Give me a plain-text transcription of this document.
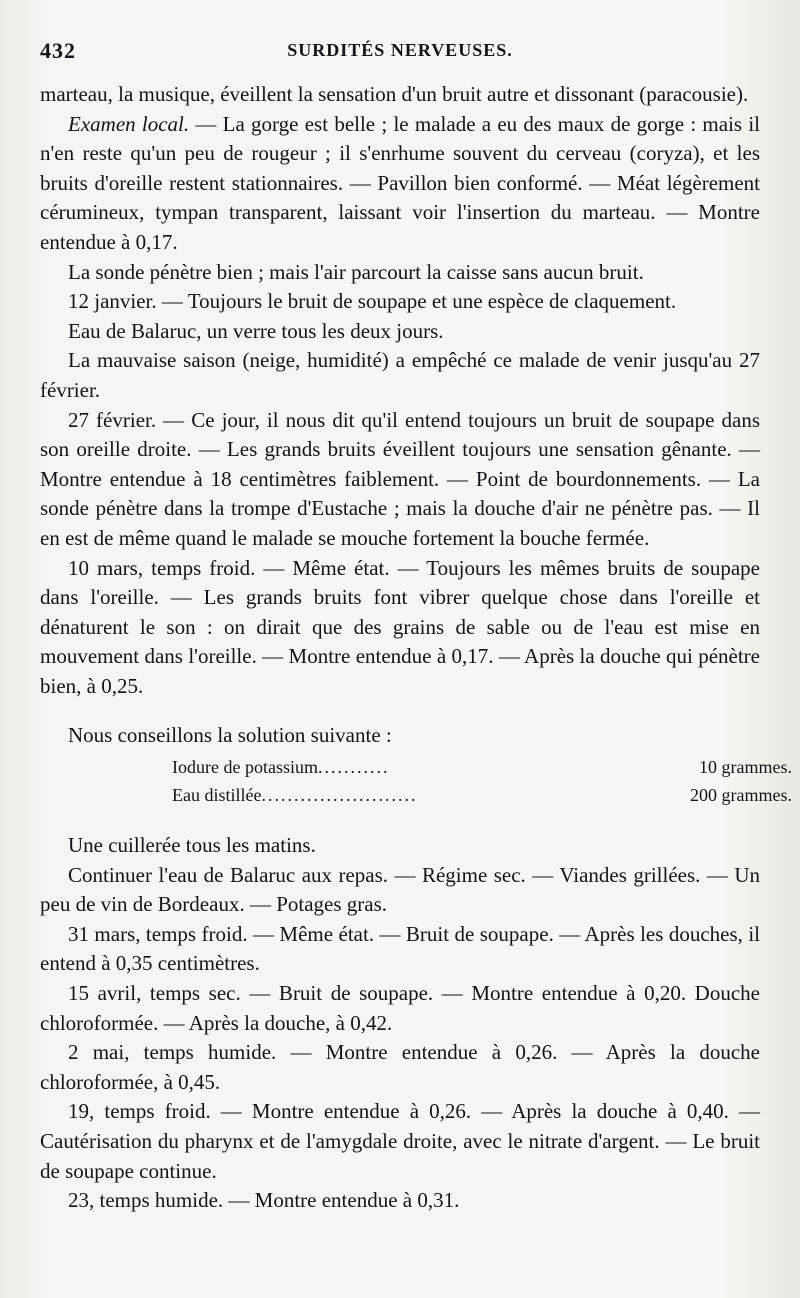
432	SURDITÉS NERVEUSES.

marteau, la musique, éveillent la sensation d'un bruit autre et dissonant (paracousie).

Examen local. — La gorge est belle ; le malade a eu des maux de gorge : mais il n'en reste qu'un peu de rougeur ; il s'enrhume souvent du cerveau (coryza), et les bruits d'oreille restent stationnaires. — Pavillon bien conformé. — Méat légèrement cérumineux, tympan transparent, laissant voir l'insertion du marteau. — Montre entendue à 0,17.

La sonde pénètre bien ; mais l'air parcourt la caisse sans aucun bruit.

12 janvier. — Toujours le bruit de soupape et une espèce de claquement.

Eau de Balaruc, un verre tous les deux jours.

La mauvaise saison (neige, humidité) a empêché ce malade de venir jusqu'au 27 février.

27 février. — Ce jour, il nous dit qu'il entend toujours un bruit de soupape dans son oreille droite. — Les grands bruits éveillent toujours une sensation gênante. — Montre entendue à 18 centimètres faiblement. — Point de bourdonnements. — La sonde pénètre dans la trompe d'Eustache ; mais la douche d'air ne pénètre pas. — Il en est de même quand le malade se mouche fortement la bouche fermée.

10 mars, temps froid. — Même état. — Toujours les mêmes bruits de soupape dans l'oreille. — Les grands bruits font vibrer quelque chose dans l'oreille et dénaturent le son : on dirait que des grains de sable ou de l'eau est mise en mouvement dans l'oreille. — Montre entendue à 0,17. — Après la douche qui pénètre bien, à 0,25.

Nous conseillons la solution suivante :

Iodure de potassium ...........	10 grammes.
Eau distillée ........................	200 grammes.

Une cuillerée tous les matins.

Continuer l'eau de Balaruc aux repas. — Régime sec. — Viandes grillées. — Un peu de vin de Bordeaux. — Potages gras.

31 mars, temps froid. — Même état. — Bruit de soupape. — Après les douches, il entend à 0,35 centimètres.

15 avril, temps sec. — Bruit de soupape. — Montre entendue à 0,20. Douche chloroformée. — Après la douche, à 0,42.

2 mai, temps humide. — Montre entendue à 0,26. — Après la douche chloroformée, à 0,45.

19, temps froid. — Montre entendue à 0,26. — Après la douche à 0,40. — Cautérisation du pharynx et de l'amygdale droite, avec le nitrate d'argent. — Le bruit de soupape continue.

23, temps humide. — Montre entendue à 0,31.
